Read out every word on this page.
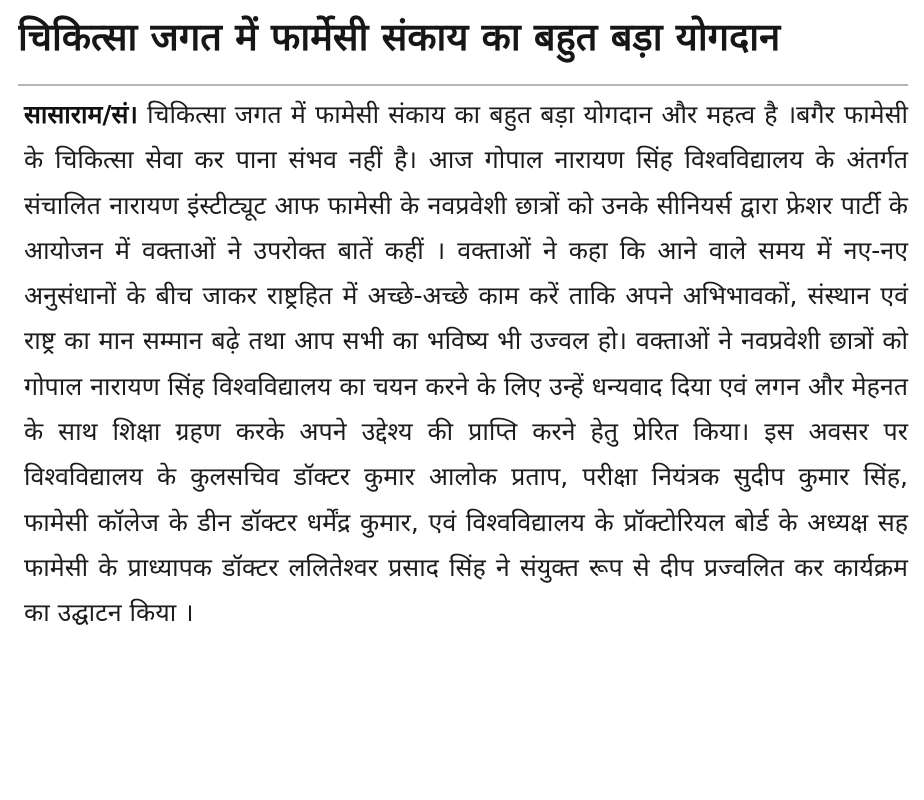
चिकित्सा जगत में फार्मेसी संकाय का बहुत बड़ा योगदान

सासाराम/सं। चिकित्सा जगत में फामेसी संकाय का बहुत बड़ा योगदान और महत्व है ।बगैर फामेसी के चिकित्सा सेवा कर पाना संभव नहीं है। आज गोपाल नारायण सिंह विश्वविद्यालय के अंतर्गत संचालित नारायण इंस्टीट्यूट आफ फामेसी के नवप्रवेशी छात्रों को उनके सीनियर्स द्वारा फ्रेशर पार्टी के आयोजन में वक्ताओं ने उपरोक्त बातें कहीं । वक्ताओं ने कहा कि आने वाले समय में नए-नए अनुसंधानों के बीच जाकर राष्ट्रहित में अच्छे-अच्छे काम करें ताकि अपने अभिभावकों, संस्थान एवं राष्ट्र का मान सम्मान बढ़े तथा आप सभी का भविष्य भी उज्वल हो। वक्ताओं ने नवप्रवेशी छात्रों को गोपाल नारायण सिंह विश्वविद्यालय का चयन करने के लिए उन्हें धन्यवाद दिया एवं लगन और मेहनत के साथ शिक्षा ग्रहण करके अपने उद्देश्य की प्राप्ति करने हेतु प्रेरित किया। इस अवसर पर विश्वविद्यालय के कुलसचिव डॉक्टर कुमार आलोक प्रताप, परीक्षा नियंत्रक सुदीप कुमार सिंह, फामेसी कॉलेज के डीन डॉक्टर धर्मेंद्र कुमार, एवं विश्वविद्यालय के प्रॉक्टोरियल बोर्ड के अध्यक्ष सह फामेसी के प्राध्यापक डॉक्टर ललितेश्वर प्रसाद सिंह ने संयुक्त रूप से दीप प्रज्वलित कर कार्यक्रम का उद्घाटन किया ।
